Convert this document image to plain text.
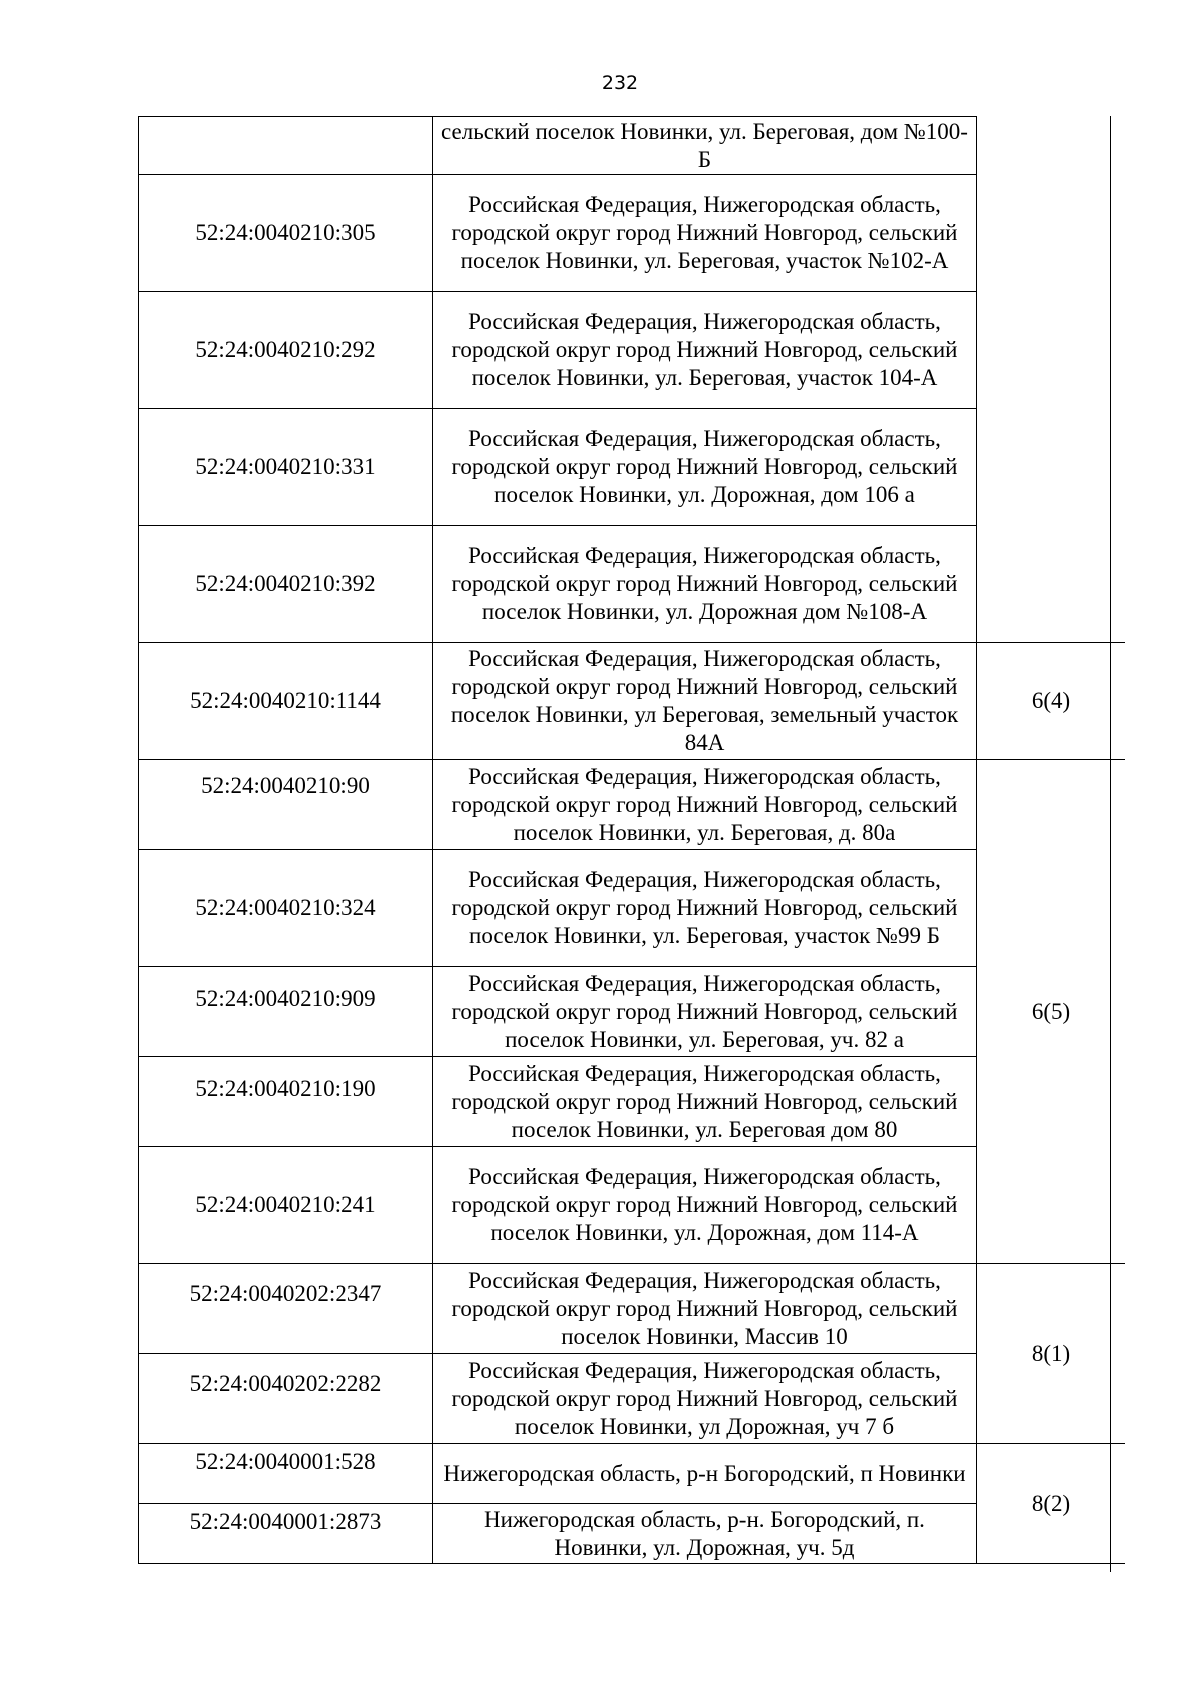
232
	сельский поселок Новинки, ул. Береговая, дом №100-Б	
52:24:0040210:305	Российская Федерация, Нижегородская область, городской округ город Нижний Новгород, сельский поселок Новинки, ул. Береговая, участок №102-А	
52:24:0040210:292	Российская Федерация, Нижегородская область, городской округ город Нижний Новгород, сельский поселок Новинки, ул. Береговая, участок 104-А	
52:24:0040210:331	Российская Федерация, Нижегородская область, городской округ город Нижний Новгород, сельский поселок Новинки, ул. Дорожная, дом 106 а	
52:24:0040210:392	Российская Федерация, Нижегородская область, городской округ город Нижний Новгород, сельский поселок Новинки, ул. Дорожная дом №108-А	
52:24:0040210:1144	Российская Федерация, Нижегородская область, городской округ город Нижний Новгород, сельский поселок Новинки, ул Береговая, земельный участок 84А	6(4)
52:24:0040210:90	Российская Федерация, Нижегородская область, городской округ город Нижний Новгород, сельский поселок Новинки, ул. Береговая, д. 80а	6(5)
52:24:0040210:324	Российская Федерация, Нижегородская область, городской округ город Нижний Новгород, сельский поселок Новинки, ул. Береговая, участок №99 Б	
52:24:0040210:909	Российская Федерация, Нижегородская область, городской округ город Нижний Новгород, сельский поселок Новинки, ул. Береговая, уч. 82 а	
52:24:0040210:190	Российская Федерация, Нижегородская область, городской округ город Нижний Новгород, сельский поселок Новинки, ул. Береговая дом 80	
52:24:0040210:241	Российская Федерация, Нижегородская область, городской округ город Нижний Новгород, сельский поселок Новинки, ул. Дорожная, дом 114-А	
52:24:0040202:2347	Российская Федерация, Нижегородская область, городской округ город Нижний Новгород, сельский поселок Новинки, Массив 10	8(1)
52:24:0040202:2282	Российская Федерация, Нижегородская область, городской округ город Нижний Новгород, сельский поселок Новинки, ул Дорожная, уч 7 б	
52:24:0040001:528	Нижегородская область, р-н Богородский, п Новинки	8(2)
52:24:0040001:2873	Нижегородская область, р-н. Богородский, п. Новинки, ул. Дорожная, уч. 5д	
